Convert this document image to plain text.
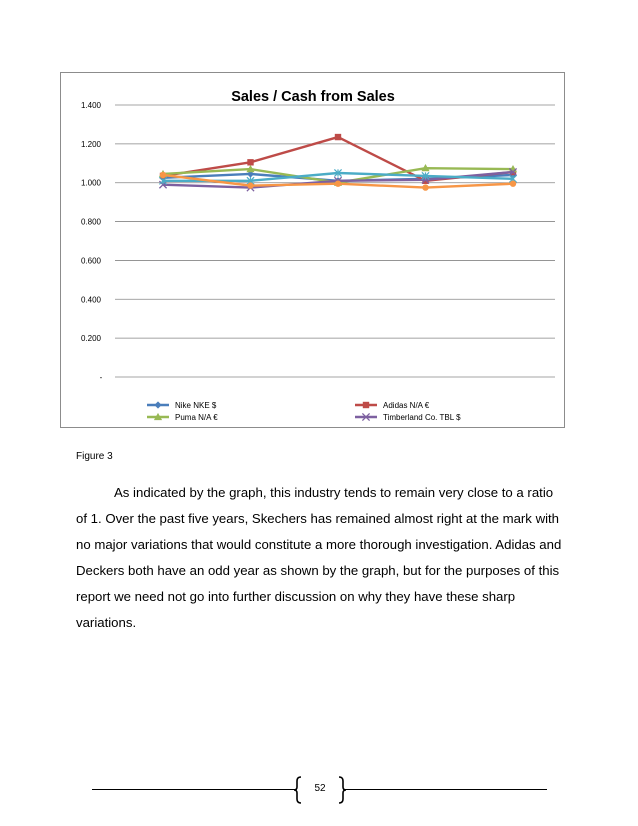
-
0.200
0.400
0.600
0.800
1.000
1.200
1.400
Sales / Cash from Sales
Nike NKE $	Adidas N/A €
Puma N/A €	Timberland Co. TBL $
Figure 3

As indicated by the graph, this industry tends to remain very close to a ratio of 1. Over the past five years, Skechers has remained almost right at the mark with no major variations that would constitute a more thorough investigation. Adidas and Deckers both have an odd year as shown by the graph, but for the purposes of this report we need not go into further discussion on why they have these sharp variations.

52
